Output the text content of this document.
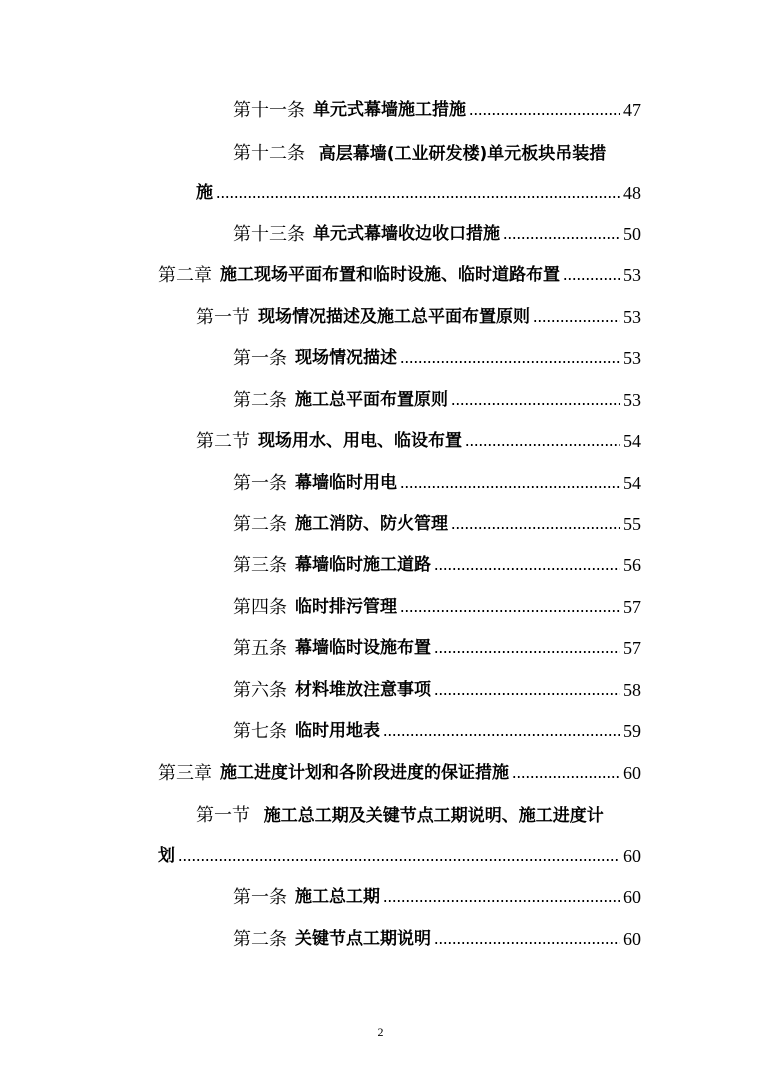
第十一条 单元式幕墙施工措施	47
第十二条 高层幕墙(工业研发楼)单元板块吊装措
施	48
第十三条 单元式幕墙收边收口措施	50
第二章 施工现场平面布置和临时设施、临时道路布置	53
第一节 现场情况描述及施工总平面布置原则	53
第一条 现场情况描述	53
第二条 施工总平面布置原则	53
第二节 现场用水、用电、临设布置	54
第一条 幕墙临时用电	54
第二条 施工消防、防火管理	55
第三条 幕墙临时施工道路	56
第四条 临时排污管理	57
第五条 幕墙临时设施布置	57
第六条 材料堆放注意事项	58
第七条 临时用地表	59
第三章 施工进度计划和各阶段进度的保证措施	60
第一节 施工总工期及关键节点工期说明、施工进度计
划	60
第一条 施工总工期	60
第二条 关键节点工期说明	60
2
